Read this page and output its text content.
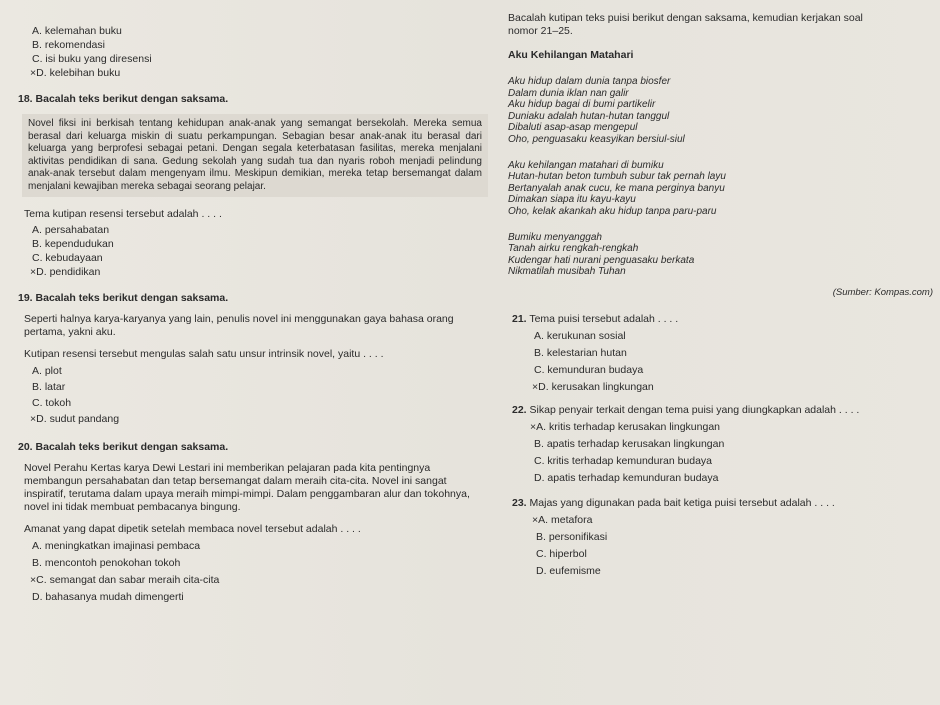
A. kelemahan buku
B. rekomendasi
C. isi buku yang diresensi
×D. kelebihan buku
18. Bacalah teks berikut dengan saksama.
Novel fiksi ini berkisah tentang kehidupan anak-anak yang semangat bersekolah. Mereka semua berasal dari keluarga miskin di suatu perkampungan. Sebagian besar anak-anak itu berasal dari keluarga yang berprofesi sebagai petani. Dengan segala keterbatasan fasilitas, mereka menjalani aktivitas pendidikan di sana. Gedung sekolah yang sudah tua dan nyaris roboh menjadi pelindung anak-anak tersebut dalam mengenyam ilmu. Meskipun demikian, mereka tetap bersemangat dalam menjalani kewajiban mereka sebagai seorang pelajar.
Tema kutipan resensi tersebut adalah . . . .
A. persahabatan
B. kependudukan
C. kebudayaan
×D. pendidikan
19. Bacalah teks berikut dengan saksama.
Seperti halnya karya-karyanya yang lain, penulis novel ini menggunakan gaya bahasa orang pertama, yakni aku.
Kutipan resensi tersebut mengulas salah satu unsur intrinsik novel, yaitu . . . .
A. plot
B. latar
C. tokoh
×D. sudut pandang
20. Bacalah teks berikut dengan saksama.
Novel Perahu Kertas karya Dewi Lestari ini memberikan pelajaran pada kita pentingnya membangun persahabatan dan tetap bersemangat dalam meraih cita-cita. Novel ini sangat inspiratif, terutama dalam upaya meraih mimpi-mimpi. Dalam penggambaran alur dan tokohnya, novel ini tidak membuat pembacanya bingung.
Amanat yang dapat dipetik setelah membaca novel tersebut adalah . . . .
A. meningkatkan imajinasi pembaca
B. mencontoh penokohan tokoh
×C. semangat dan sabar meraih cita-cita
D. bahasanya mudah dimengerti
Bacalah kutipan teks puisi berikut dengan saksama, kemudian kerjakan soal
nomor 21–25.
Aku Kehilangan Matahari
Aku hidup dalam dunia tanpa biosfer
Dalam dunia iklan nan galir
Aku hidup bagai di bumi partikelir
Duniaku adalah hutan-hutan tanggul
Dibaluti asap-asap mengepul
Oho, penguasaku keasyikan bersiul-siul
Aku kehilangan matahari di bumiku
Hutan-hutan beton tumbuh subur tak pernah layu
Bertanyalah anak cucu, ke mana perginya banyu
Dimakan siapa itu kayu-kayu
Oho, kelak akankah aku hidup tanpa paru-paru
Bumiku menyanggah
Tanah airku rengkah-rengkah
Kudengar hati nurani penguasaku berkata
Nikmatilah musibah Tuhan
(Sumber: Kompas.com)
21. Tema puisi tersebut adalah . . . .
A. kerukunan sosial
B. kelestarian hutan
C. kemunduran budaya
×D. kerusakan lingkungan
22. Sikap penyair terkait dengan tema puisi yang diungkapkan adalah . . . .
×A. kritis terhadap kerusakan lingkungan
B. apatis terhadap kerusakan lingkungan
C. kritis terhadap kemunduran budaya
D. apatis terhadap kemunduran budaya
23. Majas yang digunakan pada bait ketiga puisi tersebut adalah . . . .
×A. metafora
B. personifikasi
C. hiperbol
D. eufemisme
